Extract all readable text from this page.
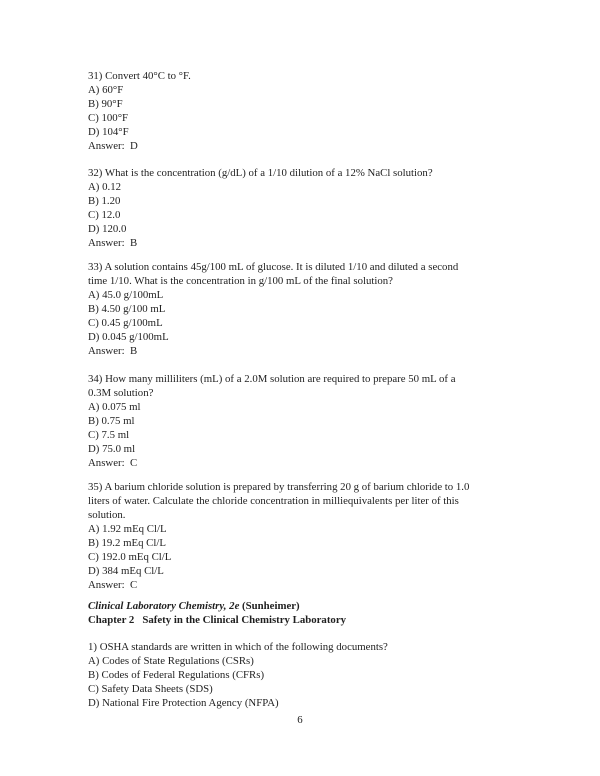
31) Convert 40°C to °F.

A) 60°F

B) 90°F

C) 100°F

D) 104°F

Answer:  D

32) What is the concentration (g/dL) of a 1/10 dilution of a 12% NaCl solution?

A) 0.12

B) 1.20

C) 12.0

D) 120.0

Answer:  B

33) A solution contains 45g/100 mL of glucose. It is diluted 1/10 and diluted a second

time 1/10. What is the concentration in g/100 mL of the final solution?

A) 45.0 g/100mL

B) 4.50 g/100 mL

C) 0.45 g/100mL

D) 0.045 g/100mL

Answer:  B

34) How many milliliters (mL) of a 2.0M solution are required to prepare 50 mL of a

0.3M solution?

A) 0.075 ml

B) 0.75 ml

C) 7.5 ml

D) 75.0 ml

Answer:  C

35) A barium chloride solution is prepared by transferring 20 g of barium chloride to 1.0

liters of water. Calculate the chloride concentration in milliequivalents per liter of this

solution.

A) 1.92 mEq Cl/L

B) 19.2 mEq Cl/L

C) 192.0 mEq Cl/L

D) 384 mEq Cl/L

Answer:  C

Clinical Laboratory Chemistry, 2e (Sunheimer)

Chapter 2   Safety in the Clinical Chemistry Laboratory

1) OSHA standards are written in which of the following documents?

A) Codes of State Regulations (CSRs)

B) Codes of Federal Regulations (CFRs)

C) Safety Data Sheets (SDS)

D) National Fire Protection Agency (NFPA)

6
